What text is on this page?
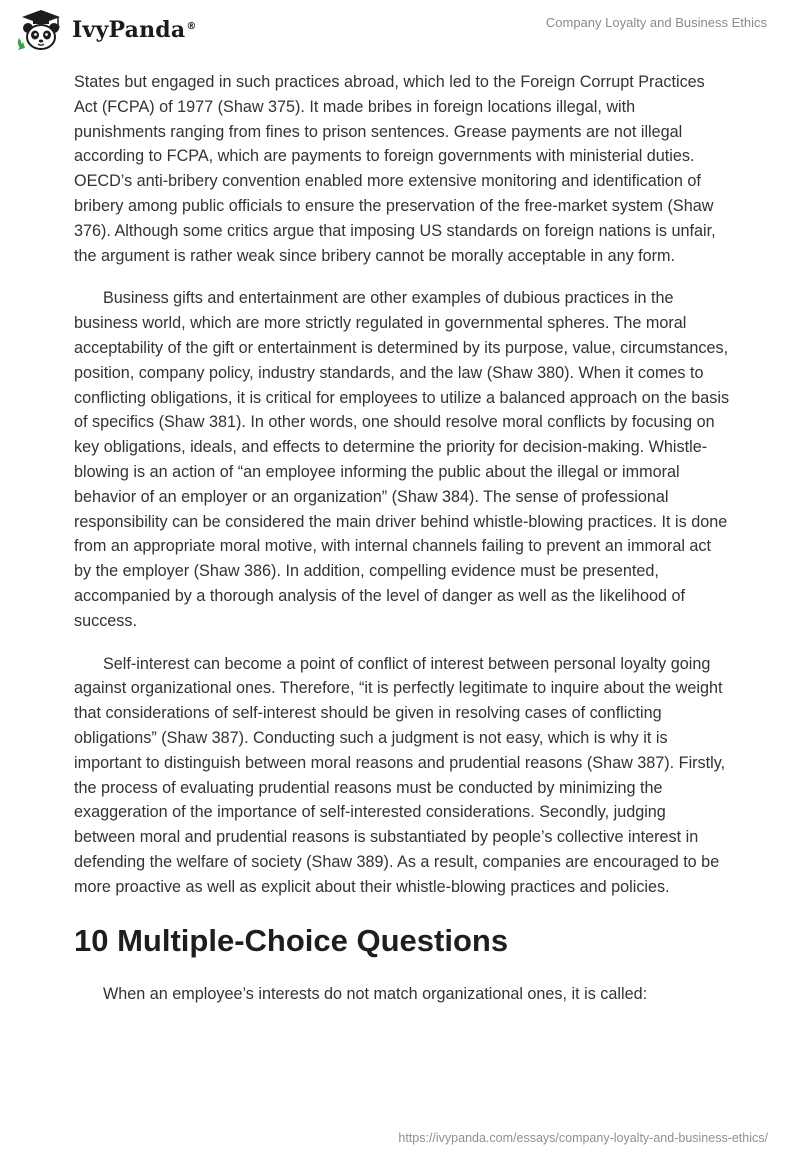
IvyPanda®	Company Loyalty and Business Ethics

States but engaged in such practices abroad, which led to the Foreign Corrupt Practices Act (FCPA) of 1977 (Shaw 375). It made bribes in foreign locations illegal, with punishments ranging from fines to prison sentences. Grease payments are not illegal according to FCPA, which are payments to foreign governments with ministerial duties. OECD’s anti-bribery convention enabled more extensive monitoring and identification of bribery among public officials to ensure the preservation of the free-market system (Shaw 376). Although some critics argue that imposing US standards on foreign nations is unfair, the argument is rather weak since bribery cannot be morally acceptable in any form.

Business gifts and entertainment are other examples of dubious practices in the business world, which are more strictly regulated in governmental spheres. The moral acceptability of the gift or entertainment is determined by its purpose, value, circumstances, position, company policy, industry standards, and the law (Shaw 380). When it comes to conflicting obligations, it is critical for employees to utilize a balanced approach on the basis of specifics (Shaw 381). In other words, one should resolve moral conflicts by focusing on key obligations, ideals, and effects to determine the priority for decision-making. Whistle-blowing is an action of “an employee informing the public about the illegal or immoral behavior of an employer or an organization” (Shaw 384). The sense of professional responsibility can be considered the main driver behind whistle-blowing practices. It is done from an appropriate moral motive, with internal channels failing to prevent an immoral act by the employer (Shaw 386). In addition, compelling evidence must be presented, accompanied by a thorough analysis of the level of danger as well as the likelihood of success.

Self-interest can become a point of conflict of interest between personal loyalty going against organizational ones. Therefore, “it is perfectly legitimate to inquire about the weight that considerations of self-interest should be given in resolving cases of conflicting obligations” (Shaw 387). Conducting such a judgment is not easy, which is why it is important to distinguish between moral reasons and prudential reasons (Shaw 387). Firstly, the process of evaluating prudential reasons must be conducted by minimizing the exaggeration of the importance of self-interested considerations. Secondly, judging between moral and prudential reasons is substantiated by people’s collective interest in defending the welfare of society (Shaw 389). As a result, companies are encouraged to be more proactive as well as explicit about their whistle-blowing practices and policies.

10 Multiple-Choice Questions

When an employee’s interests do not match organizational ones, it is called:

https://ivypanda.com/essays/company-loyalty-and-business-ethics/
